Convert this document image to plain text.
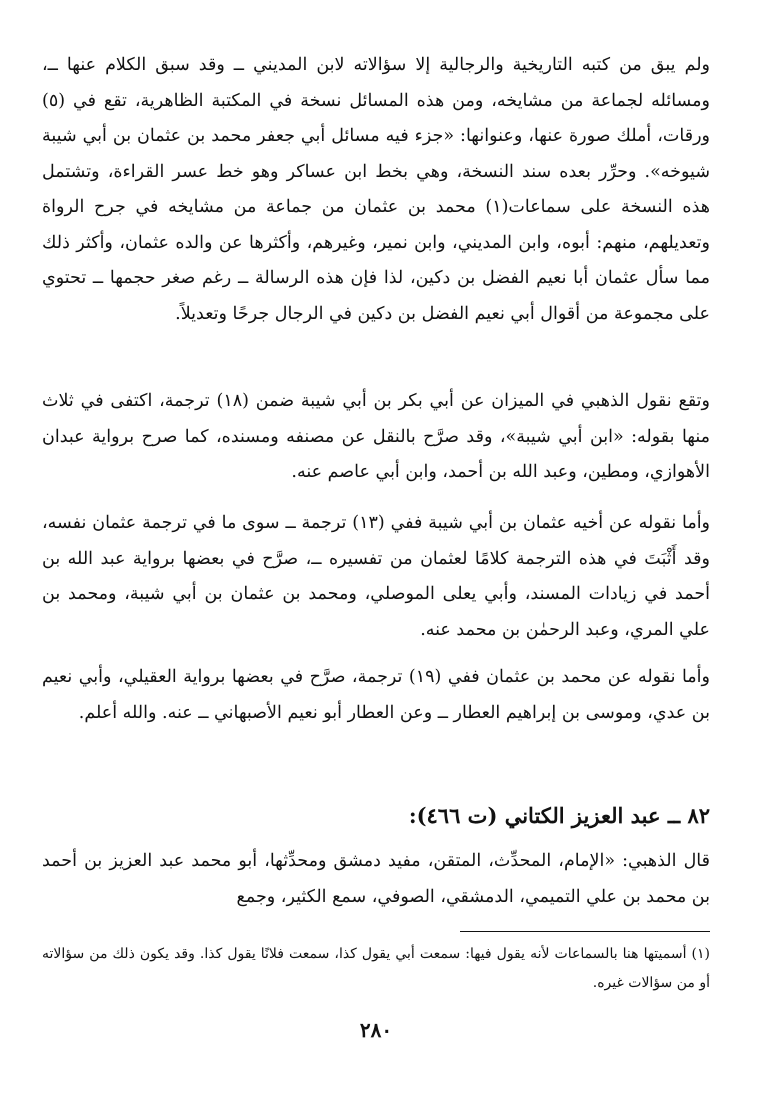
ولم يبق من كتبه التاريخية والرجالية إلا سؤالاته لابن المديني ــ وقد سبق الكلام عنها ــ، ومسائله لجماعة من مشايخه، ومن هذه المسائل نسخة في المكتبة الظاهرية، تقع في (٥) ورقات، أملك صورة عنها، وعنوانها: «جزء فيه مسائل أبي جعفر محمد بن عثمان بن أبي شيبة شيوخه». وحرِّر بعده سند النسخة، وهي بخط ابن عساكر وهو خط عسر القراءة، وتشتمل هذه النسخة على سماعات(١) محمد بن عثمان من جماعة من مشايخه في جرح الرواة وتعديلهم، منهم: أبوه، وابن المديني، وابن نمير، وغيرهم، وأكثرها عن والده عثمان، وأكثر ذلك مما سأل عثمان أبا نعيم الفضل بن دكين، لذا فإن هذه الرسالة ــ رغم صغر حجمها ــ تحتوي على مجموعة من أقوال أبي نعيم الفضل بن دكين في الرجال جرحًا وتعديلاً.

وتقع نقول الذهبي في الميزان عن أبي بكر بن أبي شيبة ضمن (١٨) ترجمة، اكتفى في ثلاث منها بقوله: «ابن أبي شيبة»، وقد صرَّح بالنقل عن مصنفه ومسنده، كما صرح برواية عبدان الأهوازي، ومطين، وعبد الله بن أحمد، وابن أبي عاصم عنه.

وأما نقوله عن أخيه عثمان بن أبي شيبة ففي (١٣) ترجمة ــ سوى ما في ترجمة عثمان نفسه، وقد أَثْبَتَ في هذه الترجمة كلامًا لعثمان من تفسيره ــ، صرَّح في بعضها برواية عبد الله بن أحمد في زيادات المسند، وأبي يعلى الموصلي، ومحمد بن عثمان بن أبي شيبة، ومحمد بن علي المري، وعبد الرحمٰن بن محمد عنه.

وأما نقوله عن محمد بن عثمان ففي (١٩) ترجمة، صرَّح في بعضها برواية العقيلي، وأبي نعيم بن عدي، وموسى بن إبراهيم العطار ــ وعن العطار أبو نعيم الأصبهاني ــ عنه. والله أعلم.

٨٢ ــ عبد العزيز الكتاني (ت ٤٦٦):

قال الذهبي: «الإمام، المحدِّث، المتقن، مفيد دمشق ومحدِّثها، أبو محمد عبد العزيز بن أحمد بن محمد بن علي التميمي، الدمشقي، الصوفي، سمع الكثير، وجمع

(١) أسميتها هنا بالسماعات لأنه يقول فيها: سمعت أبي يقول كذا، سمعت فلانًا يقول كذا. وقد يكون ذلك من سؤالاته أو من سؤالات غيره.

٢٨٠
